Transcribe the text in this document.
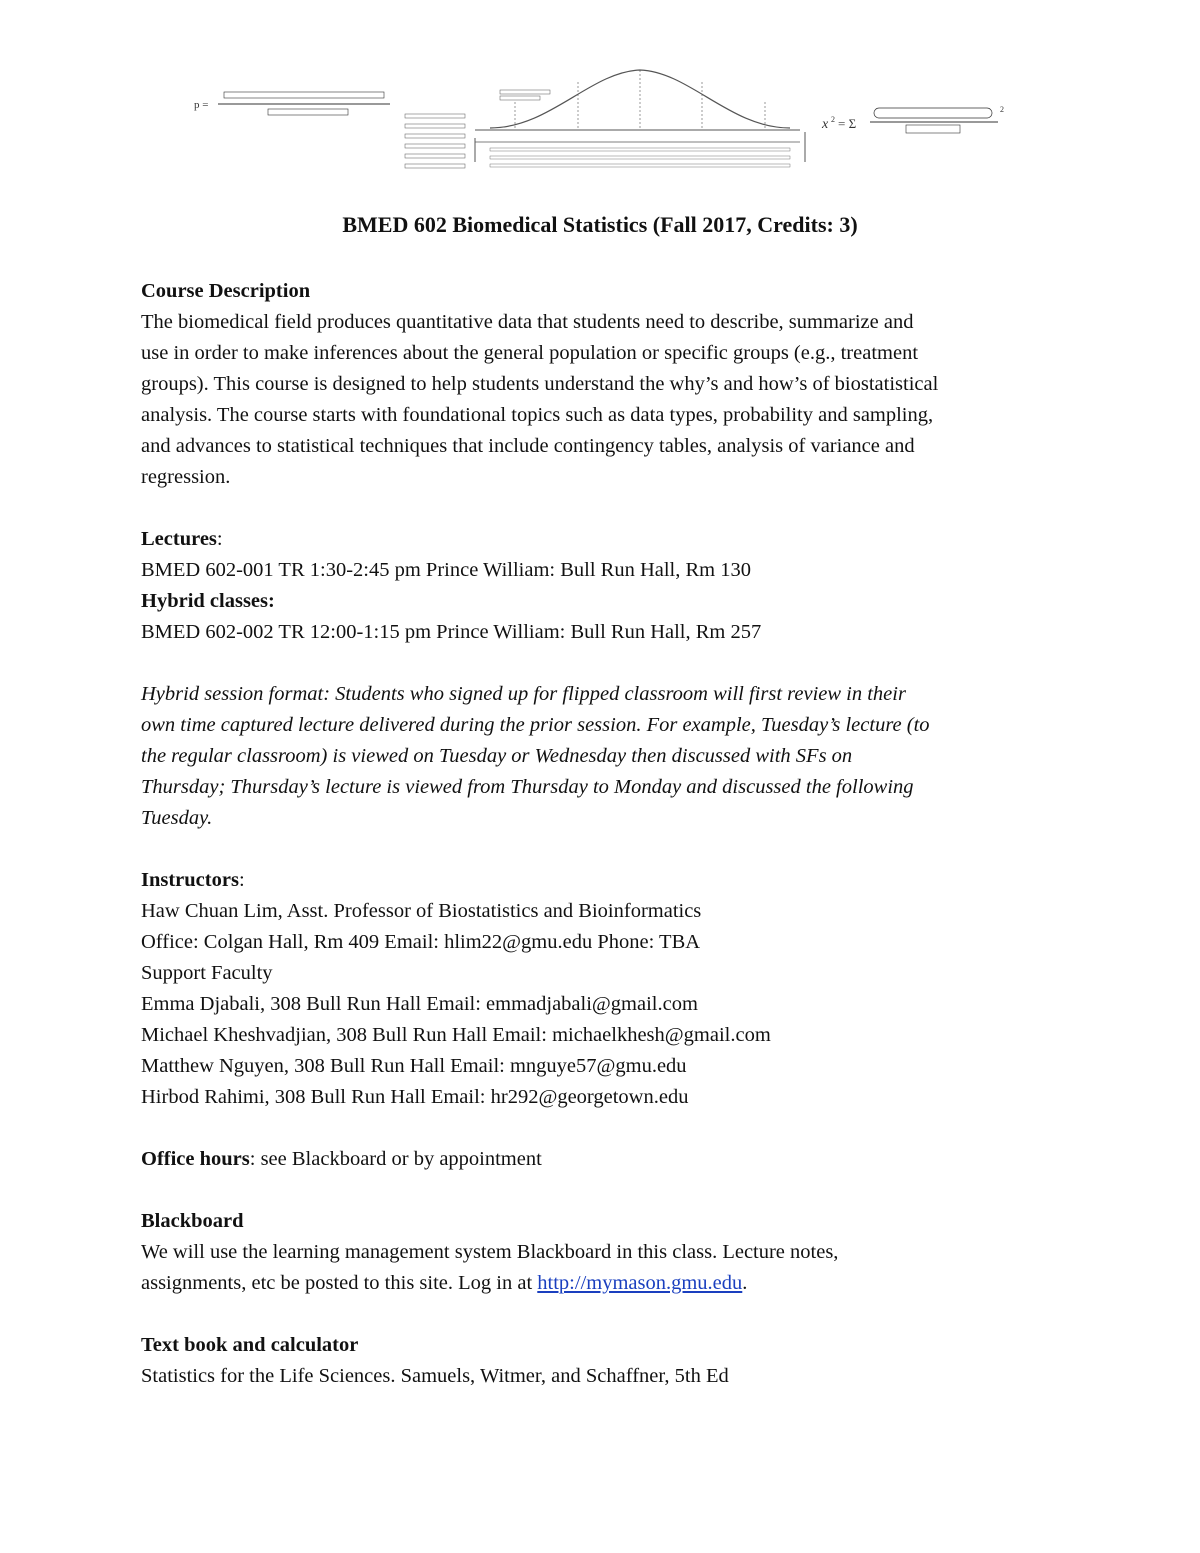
p =
x 2 = Σ
2
BMED 602 Biomedical Statistics (Fall 2017, Credits: 3)
Course Description
The biomedical field produces quantitative data that students need to describe, summarize and
use in order to make inferences about the general population or specific groups (e.g., treatment
groups). This course is designed to help students understand the why’s and how’s of biostatistical
analysis. The course starts with foundational topics such as data types, probability and sampling,
and advances to statistical techniques that include contingency tables, analysis of variance and
regression.
Lectures:
BMED 602-001 TR 1:30-2:45 pm Prince William: Bull Run Hall, Rm 130
Hybrid classes:
BMED 602-002 TR 12:00-1:15 pm Prince William: Bull Run Hall, Rm 257
Hybrid session format: Students who signed up for flipped classroom will first review in their
own time captured lecture delivered during the prior session. For example, Tuesday’s lecture (to
the regular classroom) is viewed on Tuesday or Wednesday then discussed with SFs on
Thursday; Thursday’s lecture is viewed from Thursday to Monday and discussed the following
Tuesday.
Instructors:
Haw Chuan Lim, Asst. Professor of Biostatistics and Bioinformatics
Office: Colgan Hall, Rm 409 Email: hlim22@gmu.edu Phone: TBA
Support Faculty
Emma Djabali, 308 Bull Run Hall Email: emmadjabali@gmail.com
Michael Kheshvadjian, 308 Bull Run Hall Email: michaelkhesh@gmail.com
Matthew Nguyen, 308 Bull Run Hall Email: mnguye57@gmu.edu
Hirbod Rahimi, 308 Bull Run Hall Email: hr292@georgetown.edu
Office hours: see Blackboard or by appointment
Blackboard
We will use the learning management system Blackboard in this class. Lecture notes,
assignments, etc be posted to this site. Log in at http://mymason.gmu.edu.
Text book and calculator
Statistics for the Life Sciences. Samuels, Witmer, and Schaffner, 5th Ed
